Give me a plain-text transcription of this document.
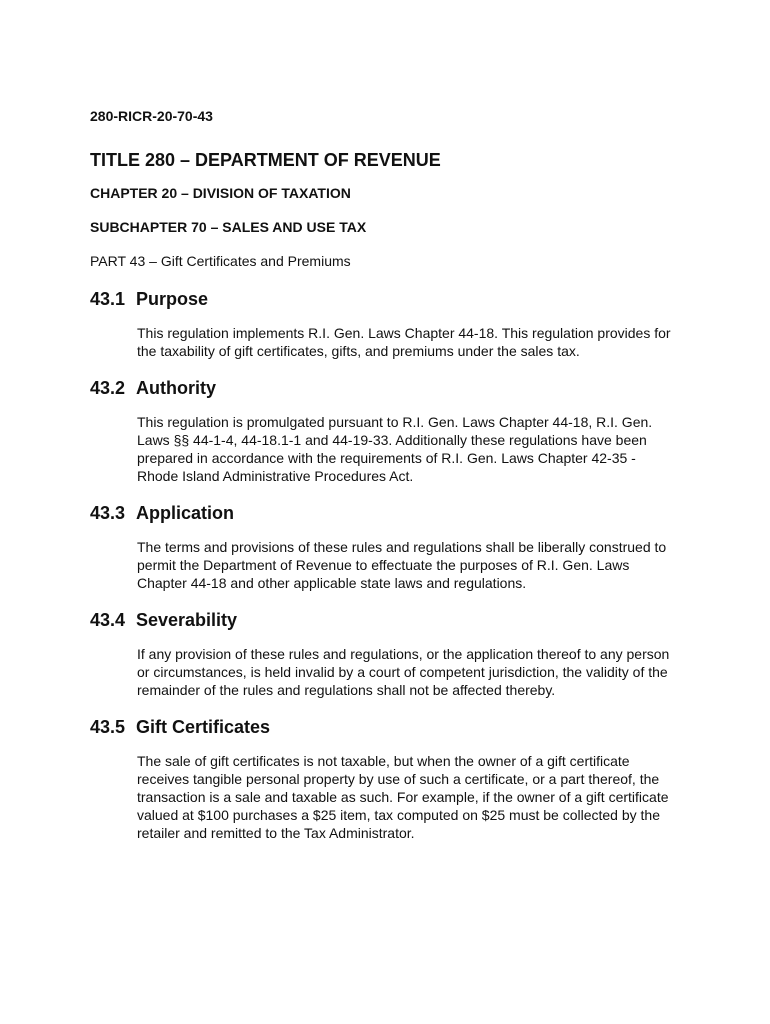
280-RICR-20-70-43
TITLE 280 – DEPARTMENT OF REVENUE
CHAPTER 20 – DIVISION OF TAXATION
SUBCHAPTER 70 – SALES AND USE TAX
PART 43 – Gift Certificates and Premiums
43.1 Purpose

This regulation implements R.I. Gen. Laws Chapter 44-18. This regulation provides for the taxability of gift certificates, gifts, and premiums under the sales tax.

43.2 Authority

This regulation is promulgated pursuant to R.I. Gen. Laws Chapter 44-18, R.I. Gen. Laws §§ 44-1-4, 44-18.1-1 and 44-19-33. Additionally these regulations have been prepared in accordance with the requirements of R.I. Gen. Laws Chapter 42-35 - Rhode Island Administrative Procedures Act.

43.3 Application

The terms and provisions of these rules and regulations shall be liberally construed to permit the Department of Revenue to effectuate the purposes of R.I. Gen. Laws Chapter 44-18 and other applicable state laws and regulations.

43.4 Severability

If any provision of these rules and regulations, or the application thereof to any person or circumstances, is held invalid by a court of competent jurisdiction, the validity of the remainder of the rules and regulations shall not be affected thereby.

43.5 Gift Certificates

The sale of gift certificates is not taxable, but when the owner of a gift certificate receives tangible personal property by use of such a certificate, or a part thereof, the transaction is a sale and taxable as such. For example, if the owner of a gift certificate valued at $100 purchases a $25 item, tax computed on $25 must be collected by the retailer and remitted to the Tax Administrator.
